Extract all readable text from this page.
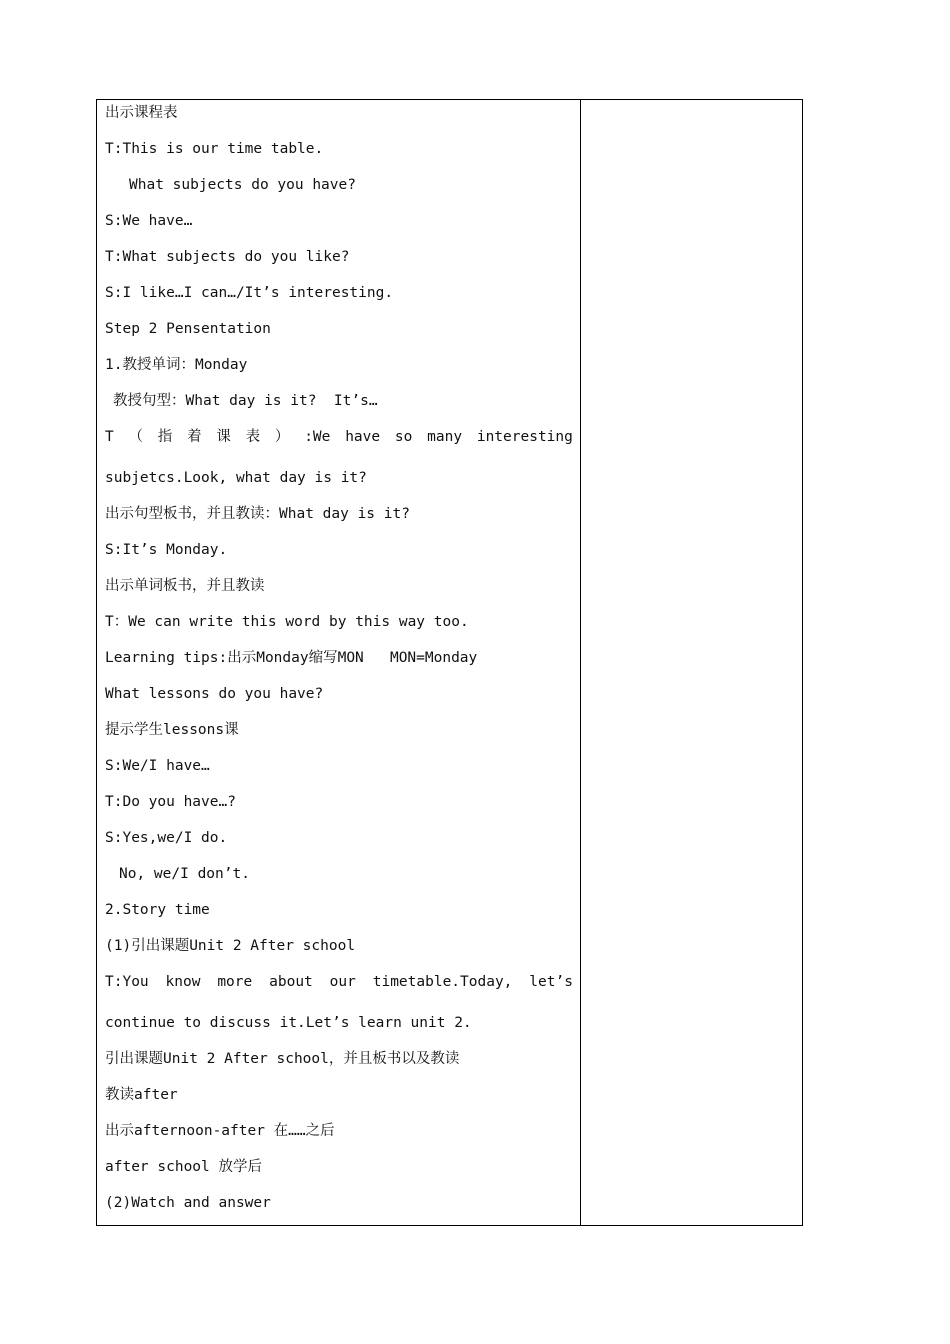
出示课程表
T:This is our time table.
What subjects do you have?
S:We have…
T:What subjects do you like?
S:I like…I can…/It’s interesting.
Step 2 Pensentation
1.教授单词：Monday
教授句型：What day is it?  It’s…
T （ 指 着 课 表 ） :We have so many interesting
subjetcs.Look, what day is it?
出示句型板书，并且教读：What day is it?
S:It’s Monday.
出示单词板书，并且教读
T：We can write this word by this way too.
Learning tips:出示Monday缩写MON   MON=Monday
What lessons do you have?
提示学生lessons课
S:We/I have…
T:Do you have…?
S:Yes,we/I do.
No, we/I don’t.
2.Story time
(1)引出课题Unit 2 After school
T:You know more about our timetable.Today, let’s
continue to discuss it.Let’s learn unit 2.
引出课题Unit 2 After school，并且板书以及教读
教读after
出示afternoon-after 在……之后
after school 放学后
(2)Watch and answer
